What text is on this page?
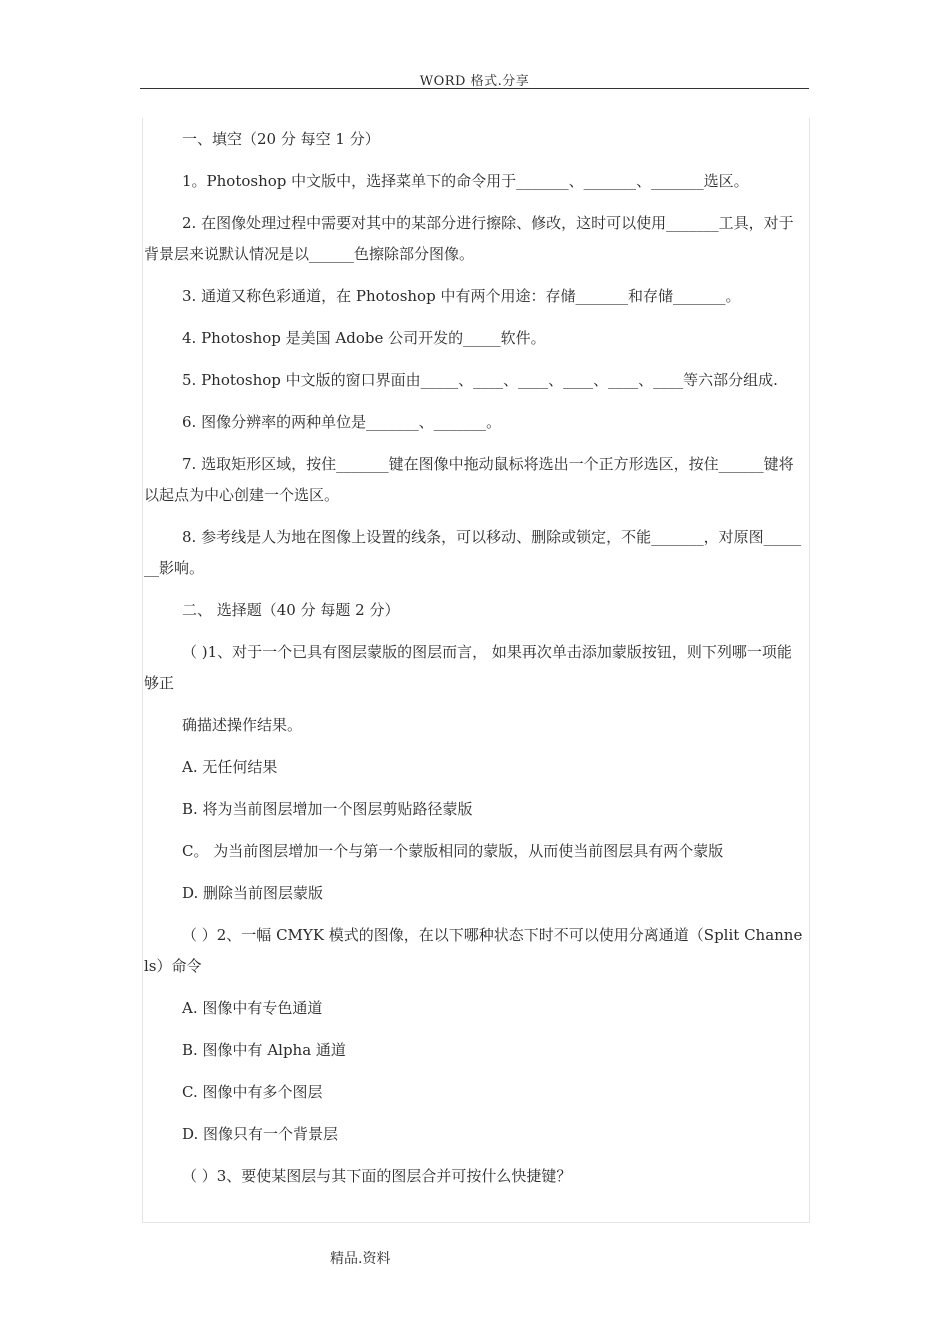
WORD 格式.分享

一、填空（20 分 每空 1 分）

1。Photoshop 中文版中，选择菜单下的命令用于_______、_______、_______选区。

2. 在图像处理过程中需要对其中的某部分进行擦除、修改，这时可以使用_______工具，对于背景层来说默认情况是以______色擦除部分图像。

3. 通道又称色彩通道，在 Photoshop 中有两个用途：存储_______和存储_______。

4. Photoshop 是美国 Adobe 公司开发的_____软件。

5. Photoshop 中文版的窗口界面由_____、____、____、____、____、____等六部分组成.

6. 图像分辨率的两种单位是_______、_______。

7. 选取矩形区域，按住_______键在图像中拖动鼠标将选出一个正方形选区，按住______键将以起点为中心创建一个选区。

8. 参考线是人为地在图像上设置的线条，可以移动、删除或锁定，不能_______，对原图_______影响。

二、 选择题（40 分 每题 2 分）

（ )1、对于一个已具有图层蒙版的图层而言， 如果再次单击添加蒙版按钮，则下列哪一项能够正

确描述操作结果。

A. 无任何结果

B. 将为当前图层增加一个图层剪贴路径蒙版

C。 为当前图层增加一个与第一个蒙版相同的蒙版，从而使当前图层具有两个蒙版

D. 删除当前图层蒙版

（ ）2、一幅 CMYK 模式的图像，在以下哪种状态下时不可以使用分离通道（Split Channels）命令

A. 图像中有专色通道

B. 图像中有 Alpha 通道

C. 图像中有多个图层

D. 图像只有一个背景层

（ ）3、要使某图层与其下面的图层合并可按什么快捷键？

精品.资料
